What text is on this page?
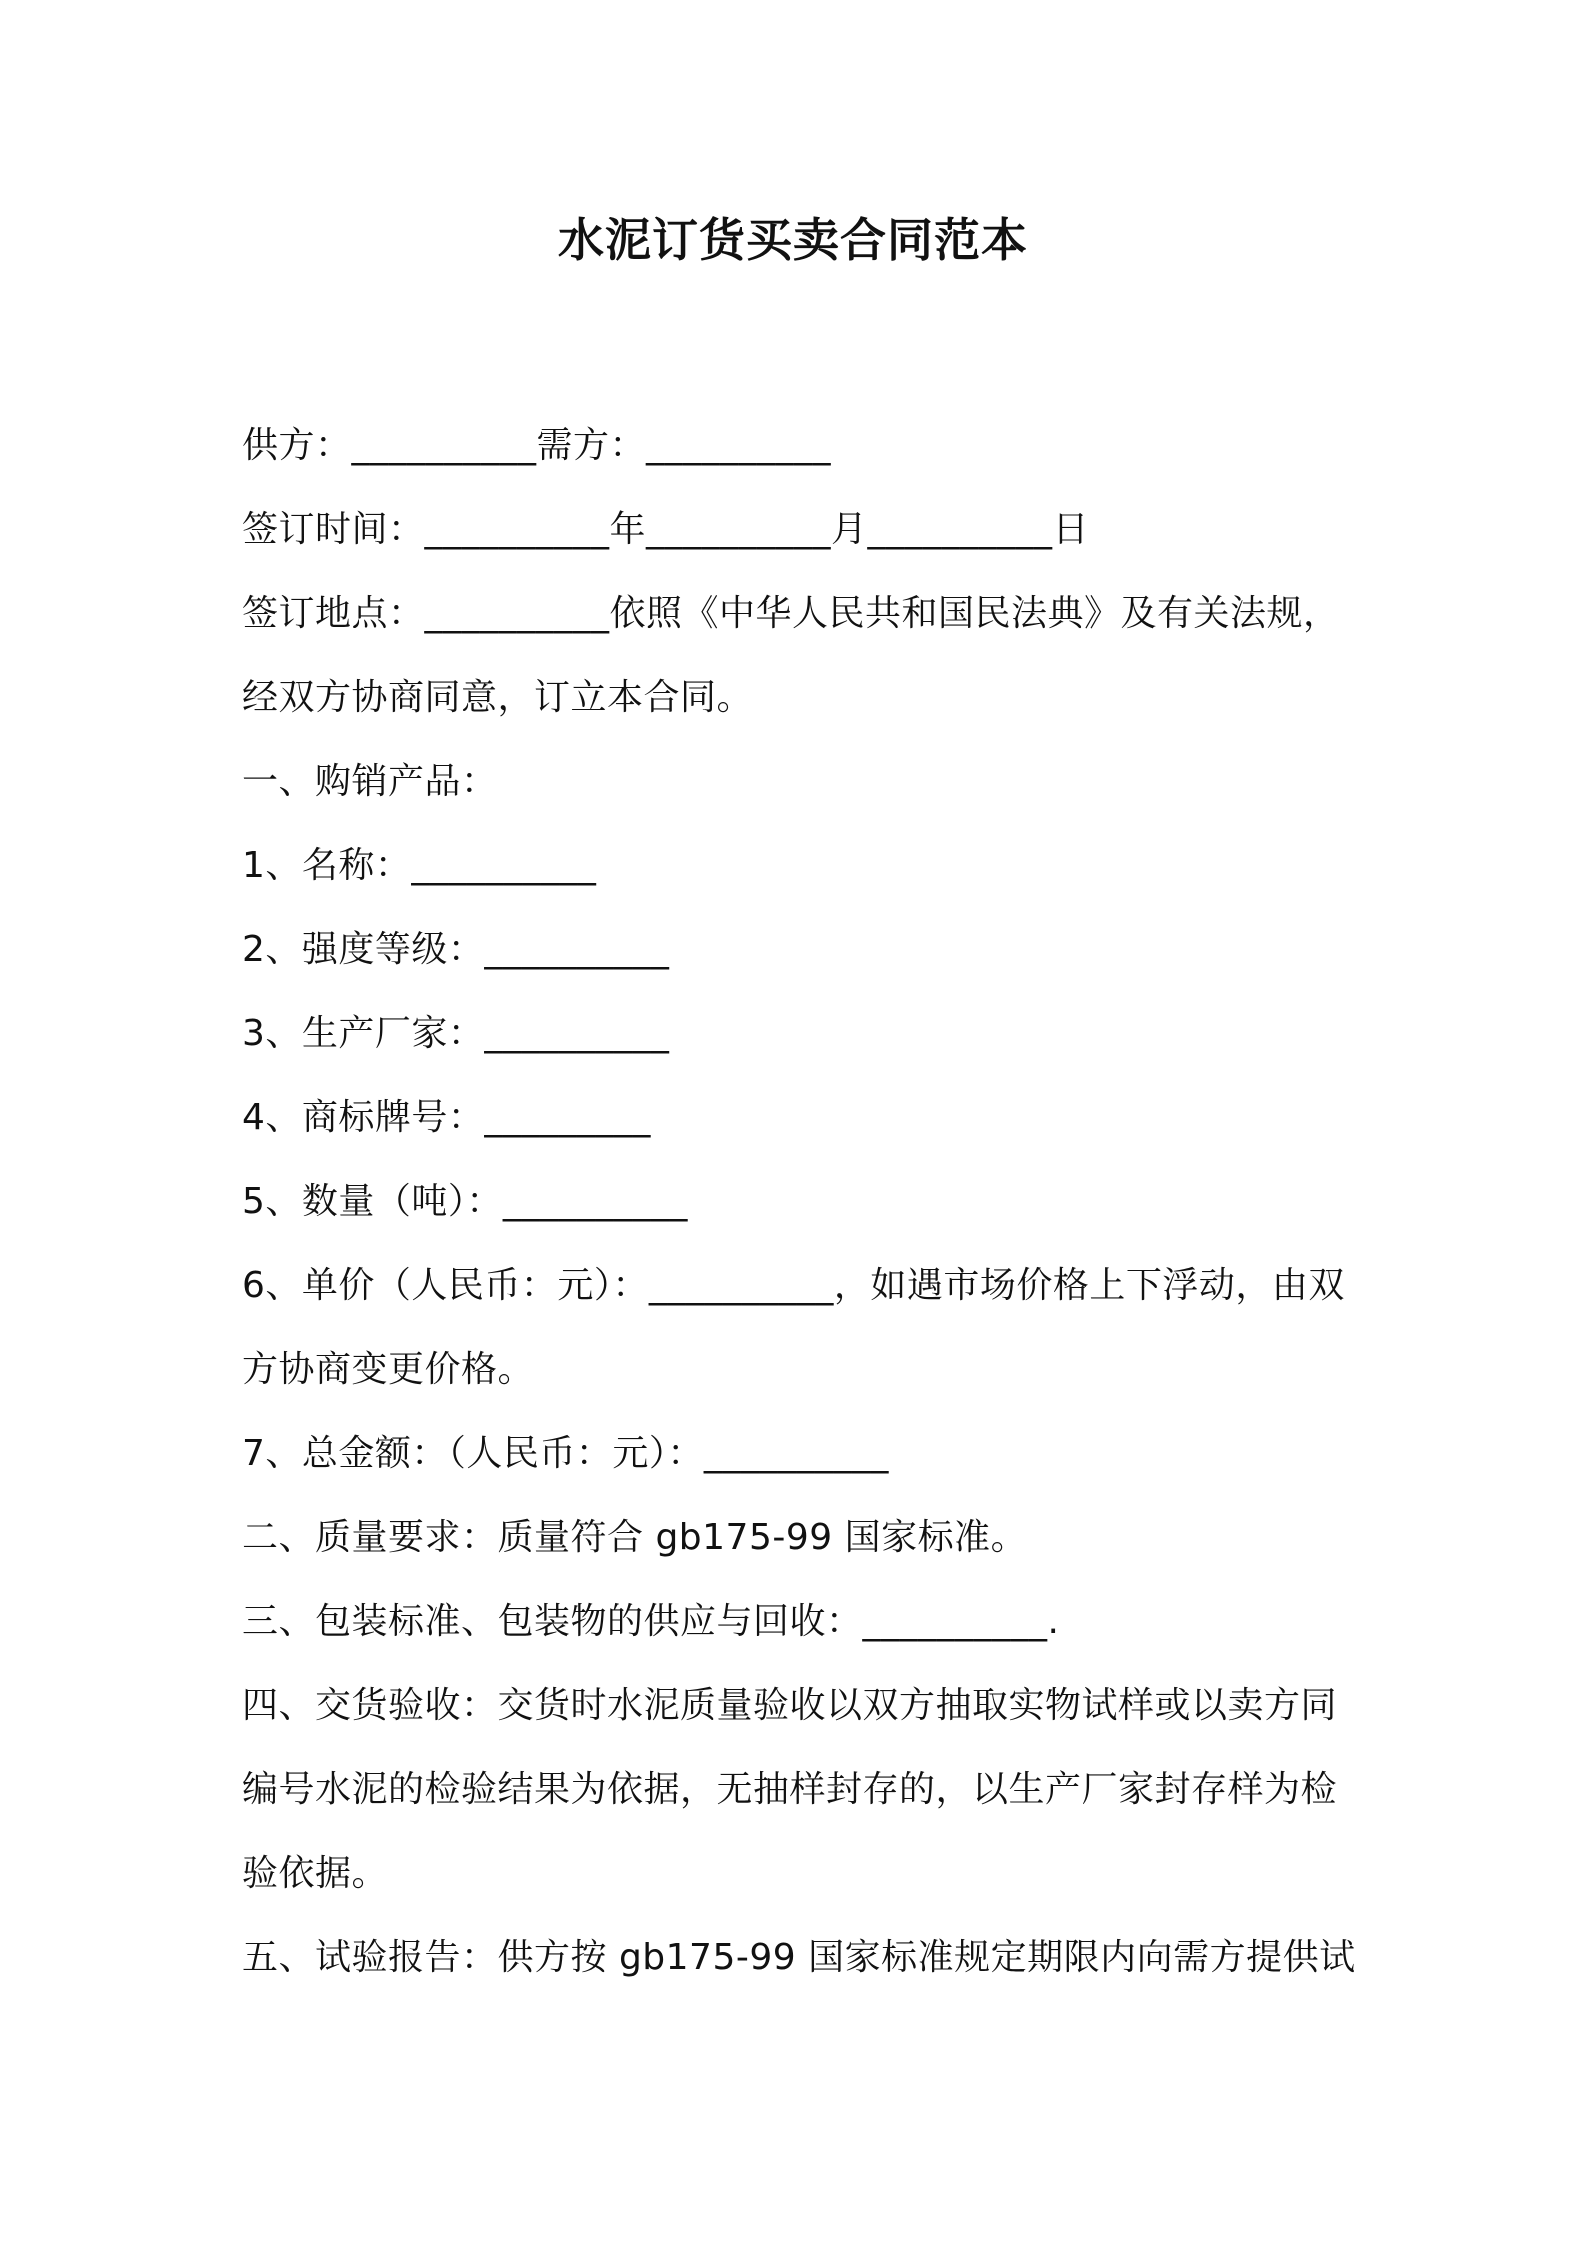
水泥订货买卖合同范本
供方：__________需方：__________
签订时间：__________年__________月__________日
签订地点：__________依照《中华人民共和国民法典》及有关法规，
经双方协商同意，订立本合同。
一、购销产品：
1、名称：__________
2、强度等级：__________
3、生产厂家：__________
4、商标牌号：_________
5、数量（吨）：__________
6、单价（人民币：元）：__________，如遇市场价格上下浮动，由双
方协商变更价格。
7、总金额：（人民币：元）：__________
二、质量要求：质量符合 gb175-99 国家标准。
三、包装标准、包装物的供应与回收：__________.
四、交货验收：交货时水泥质量验收以双方抽取实物试样或以卖方同
编号水泥的检验结果为依据，无抽样封存的，以生产厂家封存样为检
验依据。
五、试验报告：供方按 gb175-99 国家标准规定期限内向需方提供试
